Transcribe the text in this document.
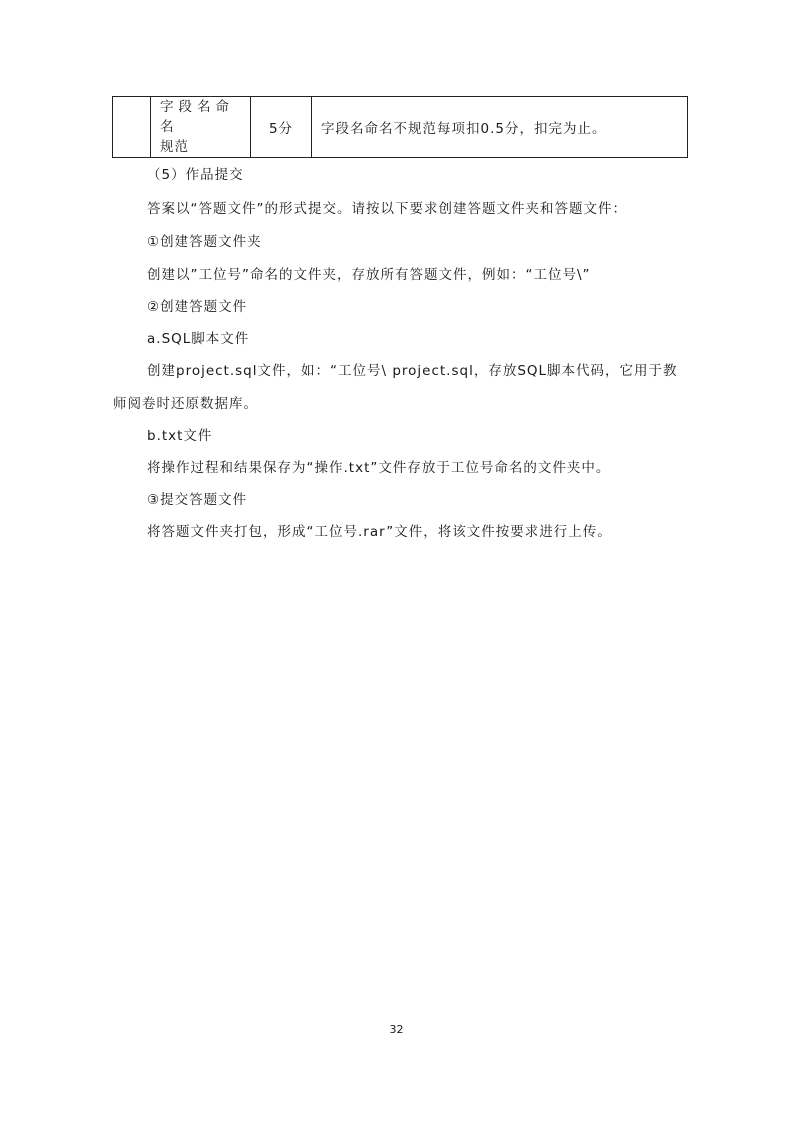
字段名命名
规范
	5分	字段名命名不规范每项扣0.5分，扣完为止。
（5）作品提交
答案以“答题文件”的形式提交。请按以下要求创建答题文件夹和答题文件：
①创建答题文件夹
创建以”工位号”命名的文件夹，存放所有答题文件，例如：“工位号\”
②创建答题文件
a.SQL脚本文件
创建project.sql文件，如：“工位号\ project.sql，存放SQL脚本代码，它用于教
师阅卷时还原数据库。
b.txt文件
将操作过程和结果保存为“操作.txt”文件存放于工位号命名的文件夹中。
③提交答题文件
将答题文件夹打包，形成“工位号.rar”文件，将该文件按要求进行上传。
32
